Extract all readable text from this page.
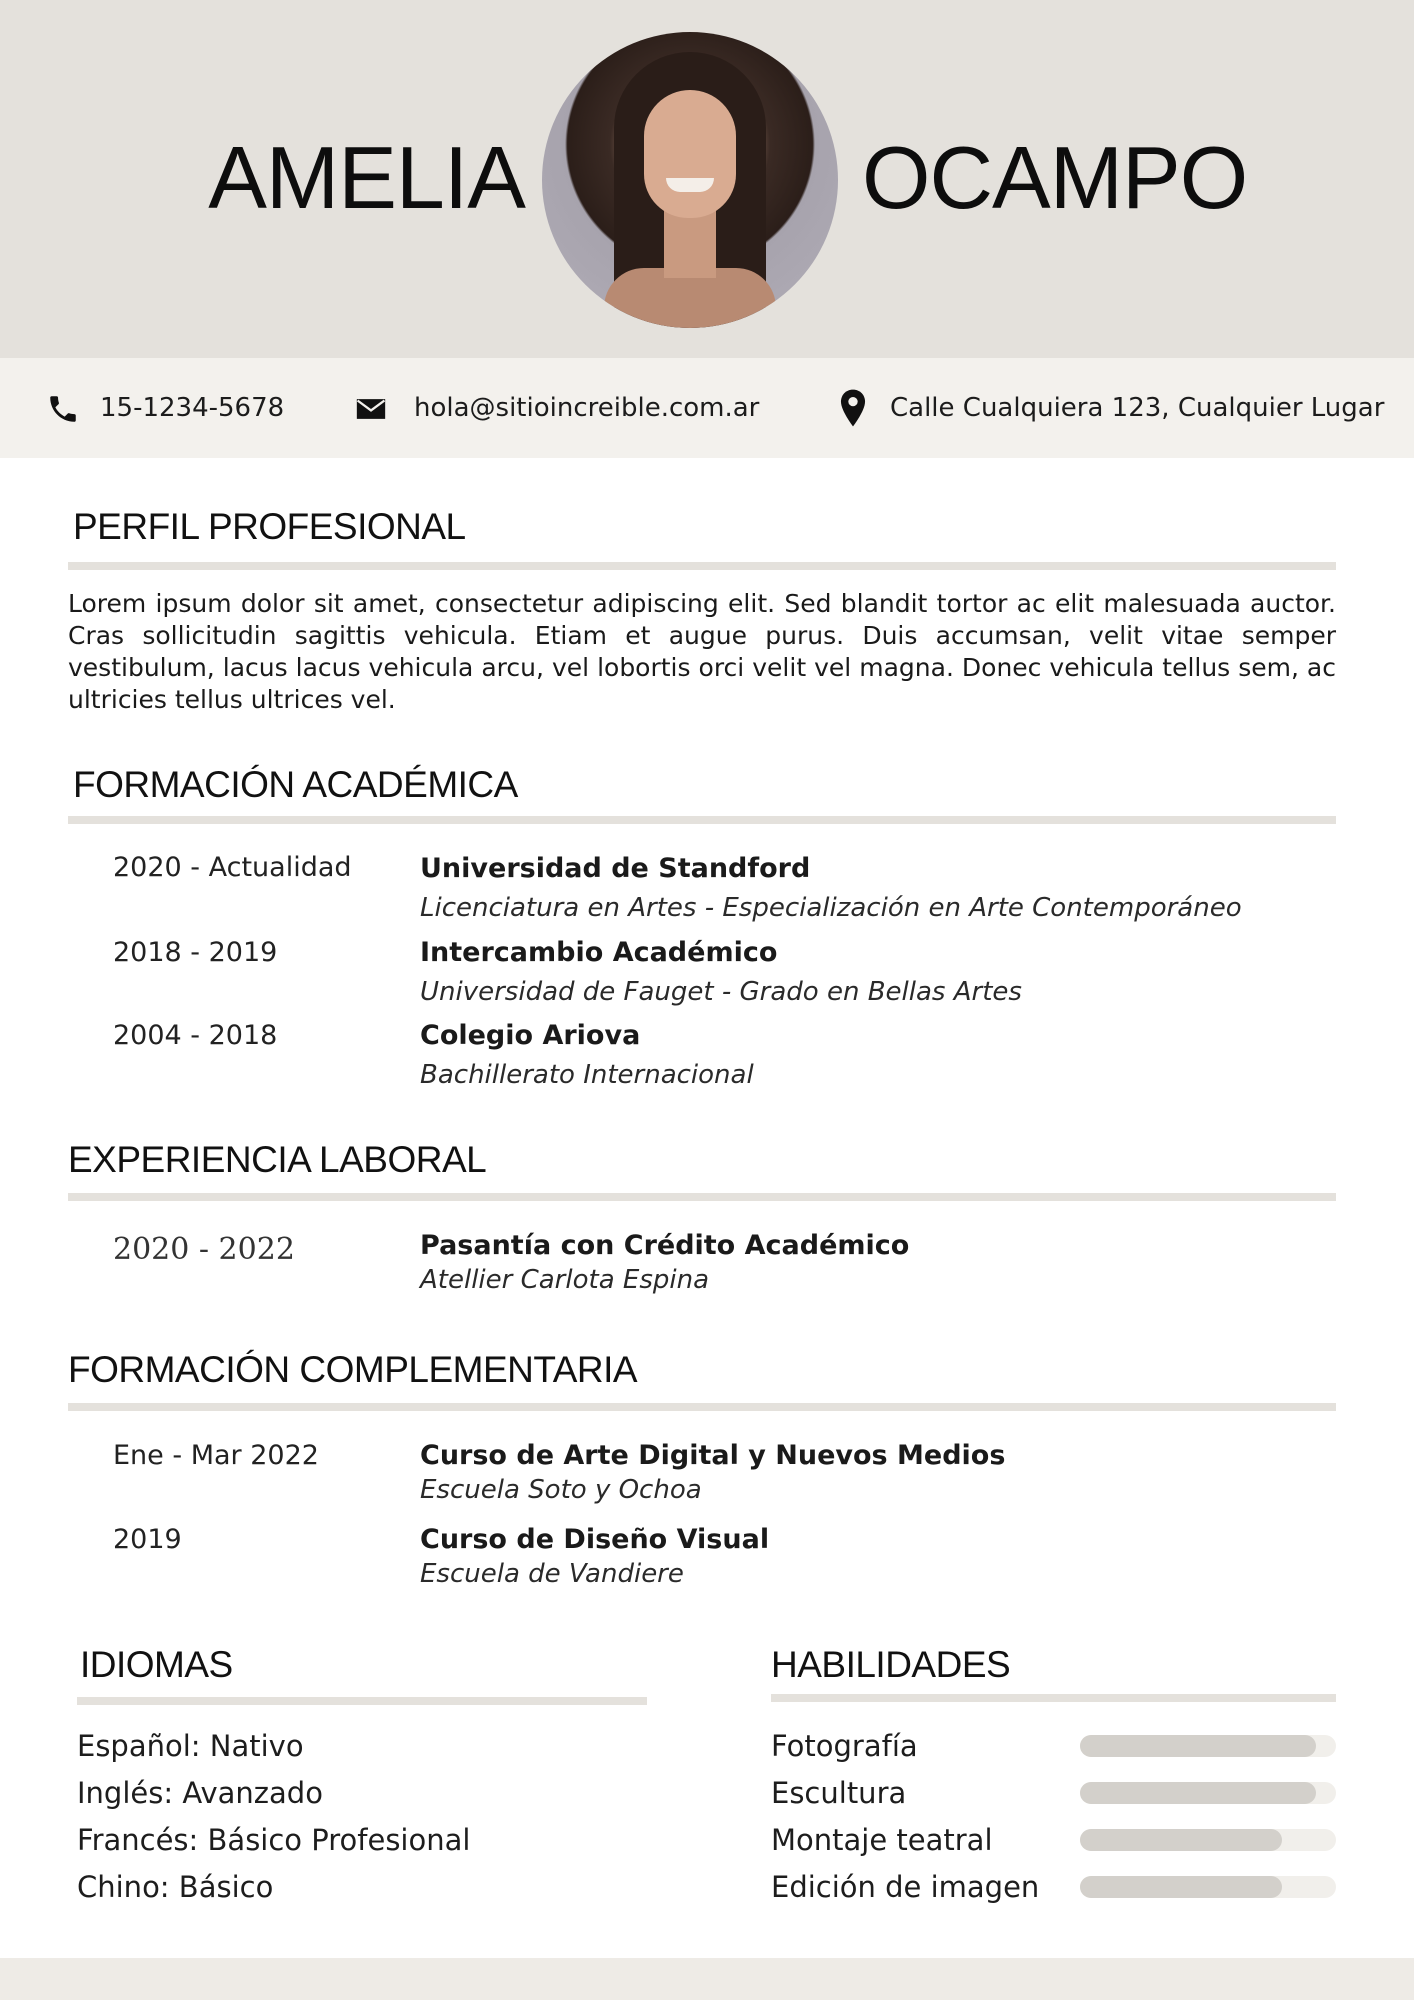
AMELIA	OCAMPO
15-1234-5678	hola@sitioincreible.com.ar	Calle Cualquiera 123, Cualquier Lugar
PERFIL PROFESIONAL
Lorem ipsum dolor sit amet, consectetur adipiscing elit. Sed blandit tortor ac elit malesuada auctor. Cras sollicitudin sagittis vehicula. Etiam et augue purus. Duis accumsan, velit vitae semper vestibulum, lacus lacus vehicula arcu, vel lobortis orci velit vel magna. Donec vehicula tellus sem, ac ultricies tellus ultrices vel.
FORMACIÓN ACADÉMICA
2020 - Actualidad	Universidad de Standford
Licenciatura en Artes - Especialización en Arte Contemporáneo
2018 - 2019	Intercambio Académico
Universidad de Fauget - Grado en Bellas Artes
2004 - 2018	Colegio Ariova
Bachillerato Internacional
EXPERIENCIA LABORAL
2020 - 2022	Pasantía con Crédito Académico
Atellier Carlota Espina
FORMACIÓN COMPLEMENTARIA
Ene - Mar 2022	Curso de Arte Digital y Nuevos Medios
Escuela Soto y Ochoa
2019	Curso de Diseño Visual
Escuela de Vandiere
IDIOMAS
Español: Nativo
Inglés: Avanzado
Francés: Básico Profesional
Chino: Básico
HABILIDADES
Fotografía
Escultura
Montaje teatral
Edición de imagen
